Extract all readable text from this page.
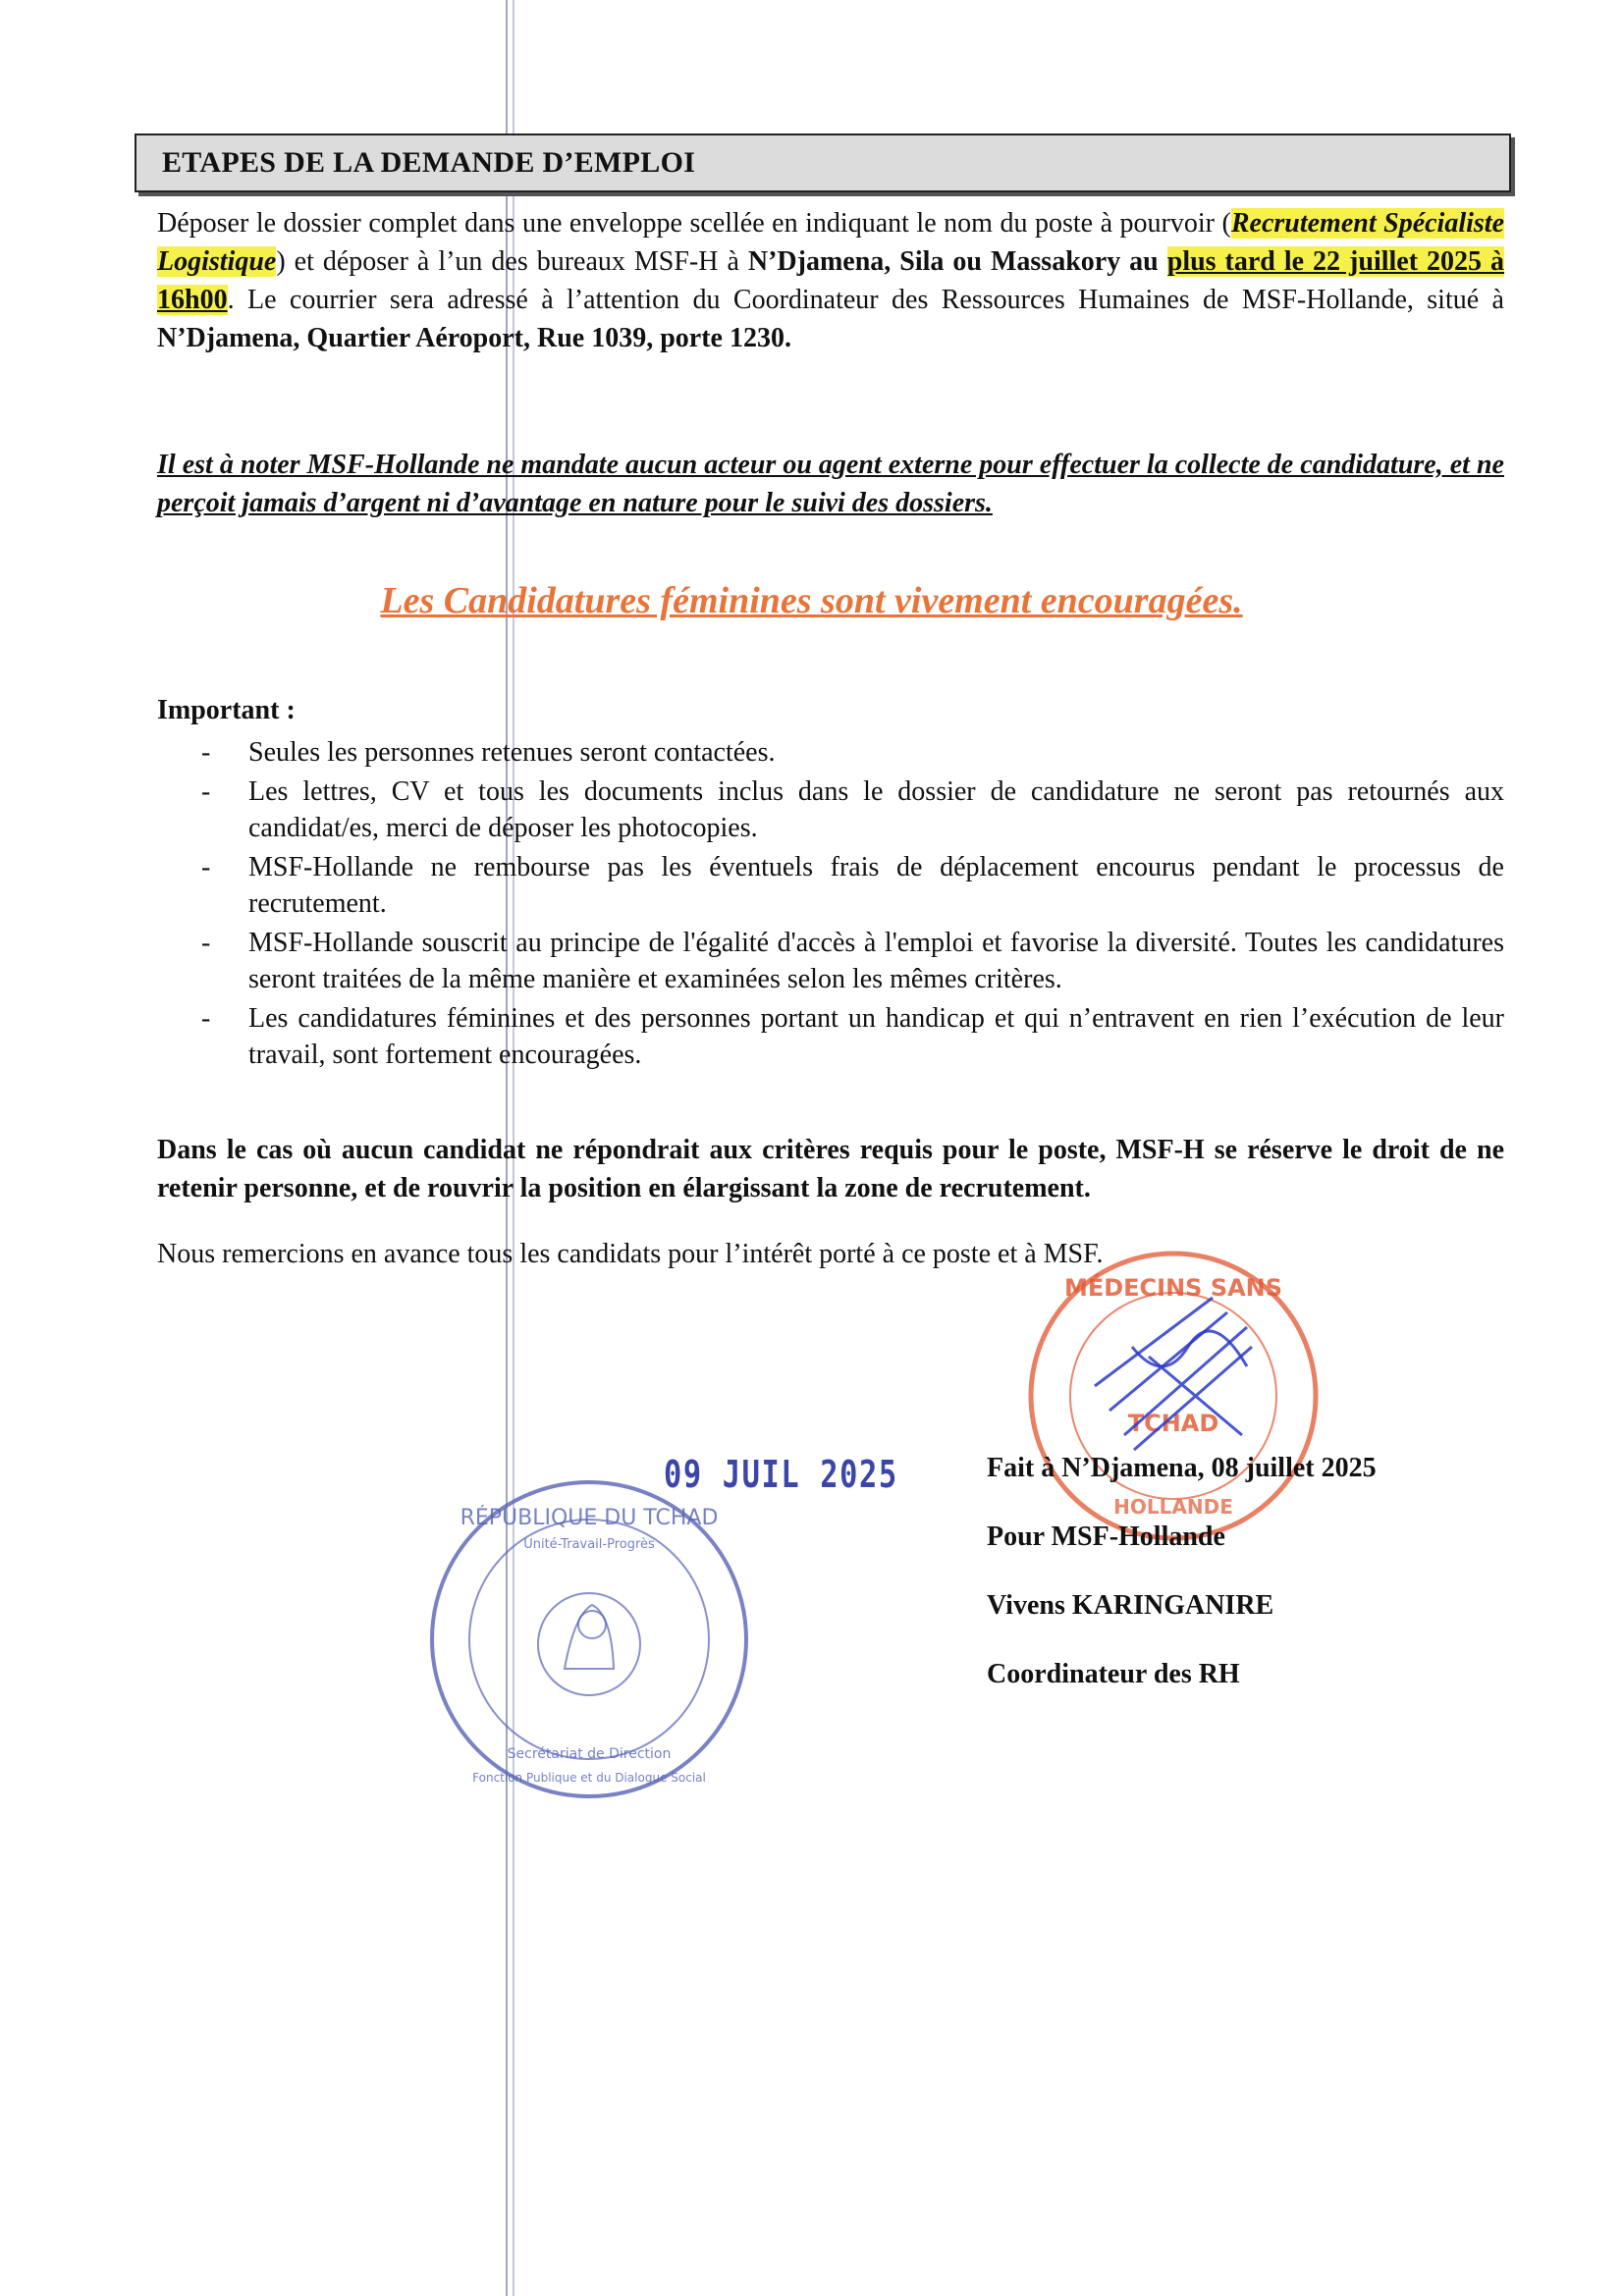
ETAPES DE LA DEMANDE D’EMPLOI
Déposer le dossier complet dans une enveloppe scellée en indiquant le nom du poste à pourvoir (Recrutement Spécialiste Logistique) et déposer à l’un des bureaux MSF-H à N’Djamena, Sila ou Massakory au plus tard le 22 juillet 2025 à 16h00. Le courrier sera adressé à l’attention du Coordinateur des Ressources Humaines de MSF-Hollande, situé à N’Djamena, Quartier Aéroport, Rue 1039, porte 1230.
Il est à noter MSF-Hollande ne mandate aucun acteur ou agent externe pour effectuer la collecte de candidature, et ne perçoit jamais d’argent ni d’avantage en nature pour le suivi des dossiers.
Les Candidatures féminines sont vivement encouragées.
Important :
- Seules les personnes retenues seront contactées.
- Les lettres, CV et tous les documents inclus dans le dossier de candidature ne seront pas retournés aux candidat/es, merci de déposer les photocopies.
- MSF-Hollande ne rembourse pas les éventuels frais de déplacement encourus pendant le processus de recrutement.
- MSF-Hollande souscrit au principe de l'égalité d'accès à l'emploi et favorise la diversité. Toutes les candidatures seront traitées de la même manière et examinées selon les mêmes critères.
- Les candidatures féminines et des personnes portant un handicap et qui n’entravent en rien l’exécution de leur travail, sont fortement encouragées.
Dans le cas où aucun candidat ne répondrait aux critères requis pour le poste, MSF-H se réserve le droit de ne retenir personne, et de rouvrir la position en élargissant la zone de recrutement.
Nous remercions en avance tous les candidats pour l’intérêt porté à ce poste et à MSF.
09 JUIL 2025
RÉPUBLIQUE DU TCHAD
Unité-Travail-Progrès
Secrétariat de Direction
Fonction Publique et du Dialogue Social
MÉDECINS SANS
TCHAD
HOLLANDE
Fait à N’Djamena, 08 juillet 2025
Pour MSF-Hollande
Vivens KARINGANIRE
Coordinateur des RH
